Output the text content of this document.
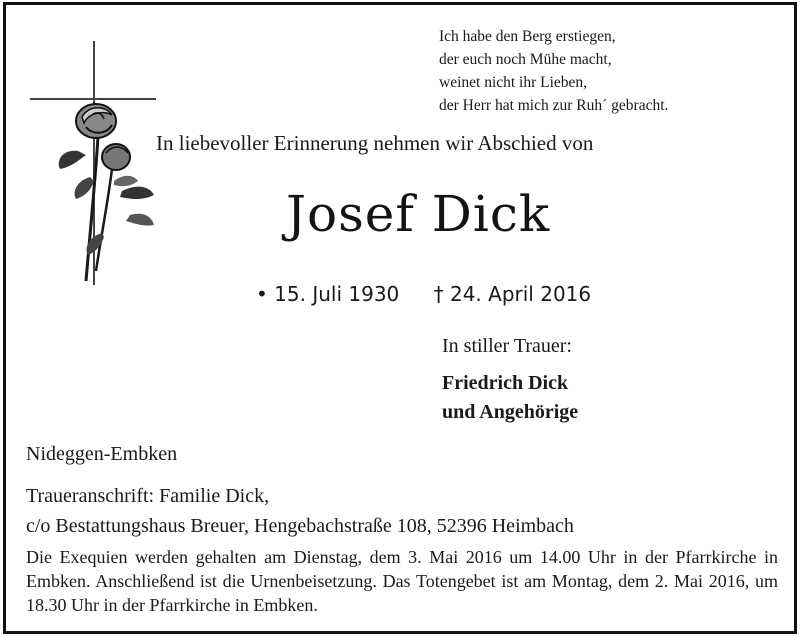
Ich habe den Berg erstiegen,
der euch noch Mühe macht,
weinet nicht ihr Lieben,
der Herr hat mich zur Ruh´ gebracht.
In liebevoller Erinnerung nehmen wir Abschied von
Josef Dick
• 15. Juli 1930 † 24. April 2016
In stiller Trauer:
Friedrich Dick
und Angehörige
Nideggen-Embken
Traueranschrift: Familie Dick,
c/o Bestattungshaus Breuer, Hengebachstraße 108, 52396 Heimbach
Die Exequien werden gehalten am Dienstag, dem 3. Mai 2016 um 14.00 Uhr in der Pfarrkirche in Embken. Anschließend ist die Urnenbeisetzung. Das Totengebet ist am Montag, dem 2. Mai 2016, um 18.30 Uhr in der Pfarrkirche in Embken.
